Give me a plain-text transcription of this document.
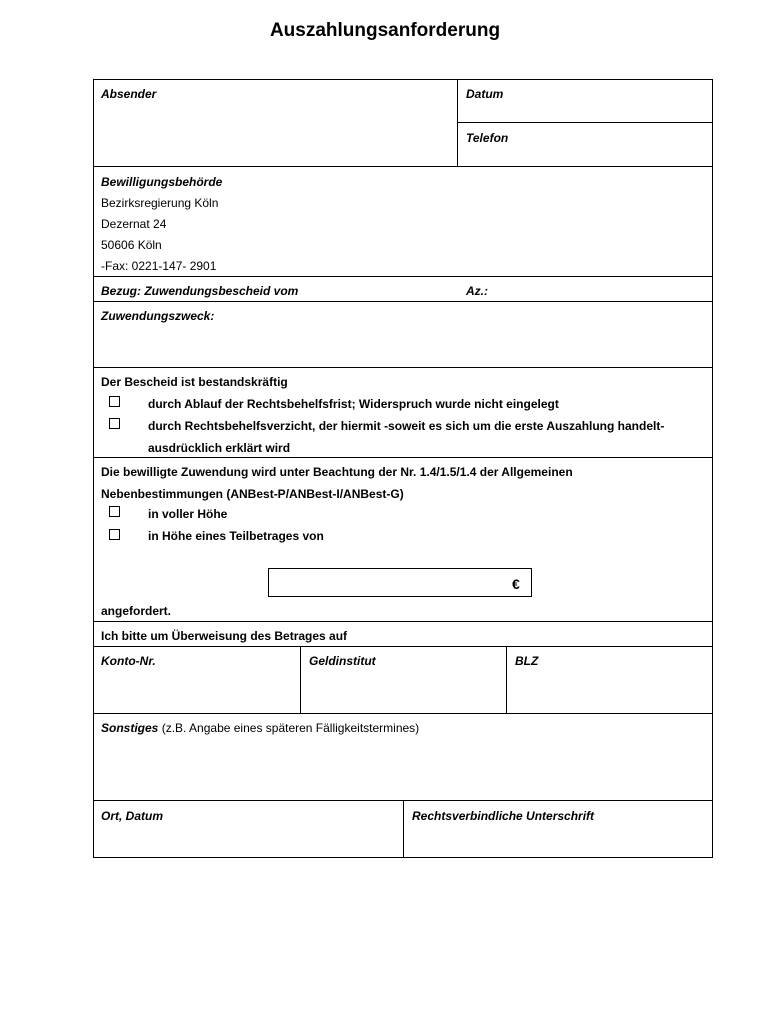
Auszahlungsanforderung
Absender	Datum
Telefon
Bewilligungsbehörde
Bezirksregierung Köln
Dezernat 24
50606 Köln
-Fax: 0221-147- 2901
Bezug: Zuwendungsbescheid vom	Az.:
Zuwendungszweck:
Der Bescheid ist bestandskräftig
durch Ablauf der Rechtsbehelfsfrist; Widerspruch wurde nicht eingelegt
durch Rechtsbehelfsverzicht, der hiermit -soweit es sich um die erste Auszahlung handelt-
ausdrücklich erklärt wird
Die bewilligte Zuwendung wird unter Beachtung der Nr. 1.4/1.5/1.4 der Allgemeinen
Nebenbestimmungen (ANBest-P/ANBest-I/ANBest-G)
in voller Höhe
in Höhe eines Teilbetrages von
€
angefordert.
Ich bitte um Überweisung des Betrages auf
Konto-Nr.	Geldinstitut	BLZ
Sonstiges (z.B. Angabe eines späteren Fälligkeitstermines)
Ort, Datum	Rechtsverbindliche Unterschrift
